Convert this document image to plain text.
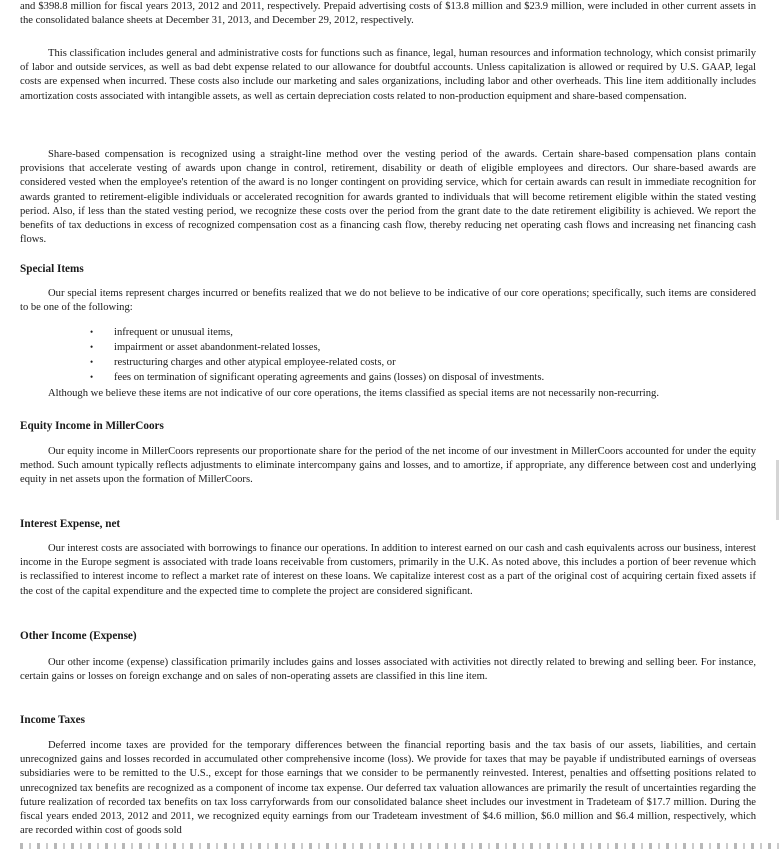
and $398.8 million for fiscal years 2013, 2012 and 2011, respectively. Prepaid advertising costs of $13.8 million and $23.9 million, were included in other current assets in the consolidated balance sheets at December 31, 2013, and December 29, 2012, respectively.

This classification includes general and administrative costs for functions such as finance, legal, human resources and information technology, which consist primarily of labor and outside services, as well as bad debt expense related to our allowance for doubtful accounts. Unless capitalization is allowed or required by U.S. GAAP, legal costs are expensed when incurred. These costs also include our marketing and sales organizations, including labor and other overheads. This line item additionally includes amortization costs associated with intangible assets, as well as certain depreciation costs related to non-production equipment and share-based compensation.

Share-based compensation is recognized using a straight-line method over the vesting period of the awards. Certain share-based compensation plans contain provisions that accelerate vesting of awards upon change in control, retirement, disability or death of eligible employees and directors. Our share-based awards are considered vested when the employee's retention of the award is no longer contingent on providing service, which for certain awards can result in immediate recognition for awards granted to retirement-eligible individuals or accelerated recognition for awards granted to individuals that will become retirement eligible within the stated vesting period. Also, if less than the stated vesting period, we recognize these costs over the period from the grant date to the date retirement eligibility is achieved. We report the benefits of tax deductions in excess of recognized compensation cost as a financing cash flow, thereby reducing net operating cash flows and increasing net financing cash flows.

Special Items

Our special items represent charges incurred or benefits realized that we do not believe to be indicative of our core operations; specifically, such items are considered to be one of the following:

• infrequent or unusual items,
• impairment or asset abandonment-related losses,
• restructuring charges and other atypical employee-related costs, or
• fees on termination of significant operating agreements and gains (losses) on disposal of investments.

Although we believe these items are not indicative of our core operations, the items classified as special items are not necessarily non-recurring.

Equity Income in MillerCoors

Our equity income in MillerCoors represents our proportionate share for the period of the net income of our investment in MillerCoors accounted for under the equity method. Such amount typically reflects adjustments to eliminate intercompany gains and losses, and to amortize, if appropriate, any difference between cost and underlying equity in net assets upon the formation of MillerCoors.

Interest Expense, net

Our interest costs are associated with borrowings to finance our operations. In addition to interest earned on our cash and cash equivalents across our business, interest income in the Europe segment is associated with trade loans receivable from customers, primarily in the U.K. As noted above, this includes a portion of beer revenue which is reclassified to interest income to reflect a market rate of interest on these loans. We capitalize interest cost as a part of the original cost of acquiring certain fixed assets if the cost of the capital expenditure and the expected time to complete the project are considered significant.

Other Income (Expense)

Our other income (expense) classification primarily includes gains and losses associated with activities not directly related to brewing and selling beer. For instance, certain gains or losses on foreign exchange and on sales of non-operating assets are classified in this line item.

Income Taxes

Deferred income taxes are provided for the temporary differences between the financial reporting basis and the tax basis of our assets, liabilities, and certain unrecognized gains and losses recorded in accumulated other comprehensive income (loss). We provide for taxes that may be payable if undistributed earnings of overseas subsidiaries were to be remitted to the U.S., except for those earnings that we consider to be permanently reinvested. Interest, penalties and offsetting positions related to unrecognized tax benefits are recognized as a component of income tax expense. Our deferred tax valuation allowances are primarily the result of uncertainties regarding the future realization of recorded tax benefits on tax loss carryforwards from our consolidated balance sheet includes our investment in Tradeteam of $17.7 million. During the fiscal years ended 2013, 2012 and 2011, we recognized equity earnings from our Tradeteam investment of $4.6 million, $6.0 million and $6.4 million, respectively, which are recorded within cost of goods sold
